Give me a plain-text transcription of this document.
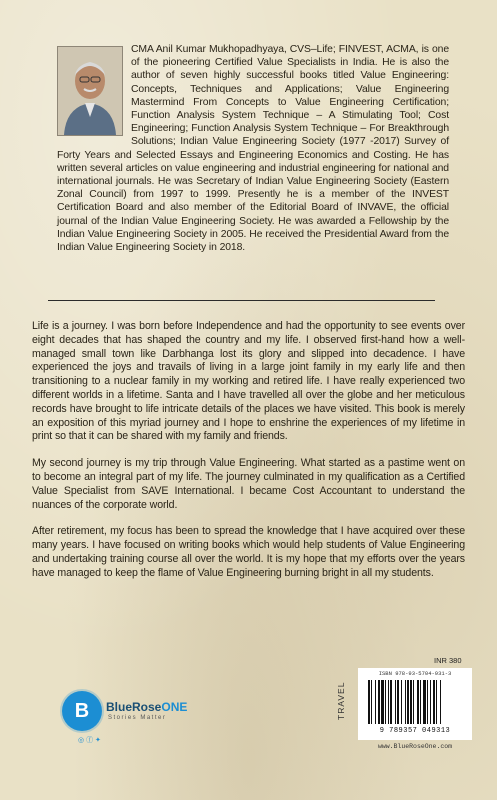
CMA Anil Kumar Mukhopadhyaya, CVS–Life; FINVEST, ACMA, is one of the pioneering Certified Value Specialists in India. He is also the author of seven highly successful books titled Value Engineering: Concepts, Techniques and Applications; Value Engineering Mastermind From Concepts to Value Engineering Certification; Function Analysis System Technique – A Stimulating Tool; Cost Engineering; Function Analysis System Technique – For Breakthrough Solutions; Indian Value Engineering Society (1977 -2017) Survey of Forty Years and Selected Essays and Engineering Economics and Costing. He has written several articles on value engineering and industrial engineering for national and international journals. He was Secretary of Indian Value Engineering Society (Eastern Zonal Council) from 1997 to 1999. Presently he is a member of the INVEST Certification Board and also member of the Editorial Board of INVAVE, the official journal of the Indian Value Engineering Society. He was awarded a Fellowship by the Indian Value Engineering Society in 2005. He received the Presidential Award from the Indian Value Engineering Society in 2018.

Life is a journey. I was born before Independence and had the opportunity to see events over eight decades that has shaped the country and my life. I observed first-hand how a well-managed small town like Darbhanga lost its glory and slipped into decadence. I have experienced the joys and travails of living in a large joint family in my early life and then transitioning to a nuclear family in my working and retired life. I have really experienced two different worlds in a lifetime. Santa and I have travelled all over the globe and her meticulous records have brought to life intricate details of the places we have visited. This book is merely an exposition of this myriad journey and I hope to enshrine the experiences of my lifetime in print so that it can be shared with my family and friends.

My second journey is my trip through Value Engineering. What started as a pastime went on to become an integral part of my life. The journey culminated in my qualification as a Certified Value Specialist from SAVE International. I became Cost Accountant to understand the nuances of the corporate world.

After retirement, my focus has been to spread the knowledge that I have acquired over these many years. I have focused on writing books which would help students of Value Engineering and undertaking training course all over the world. It is my hope that my efforts over the years have managed to keep the flame of Value Engineering burning bright in all my students.

B	BlueRoseONE
Stories Matter
◎ ⓕ ✦
INR 380
TRAVEL
ISBN 978-93-5704-931-3
9 789357 049313
www.BlueRoseOne.com
